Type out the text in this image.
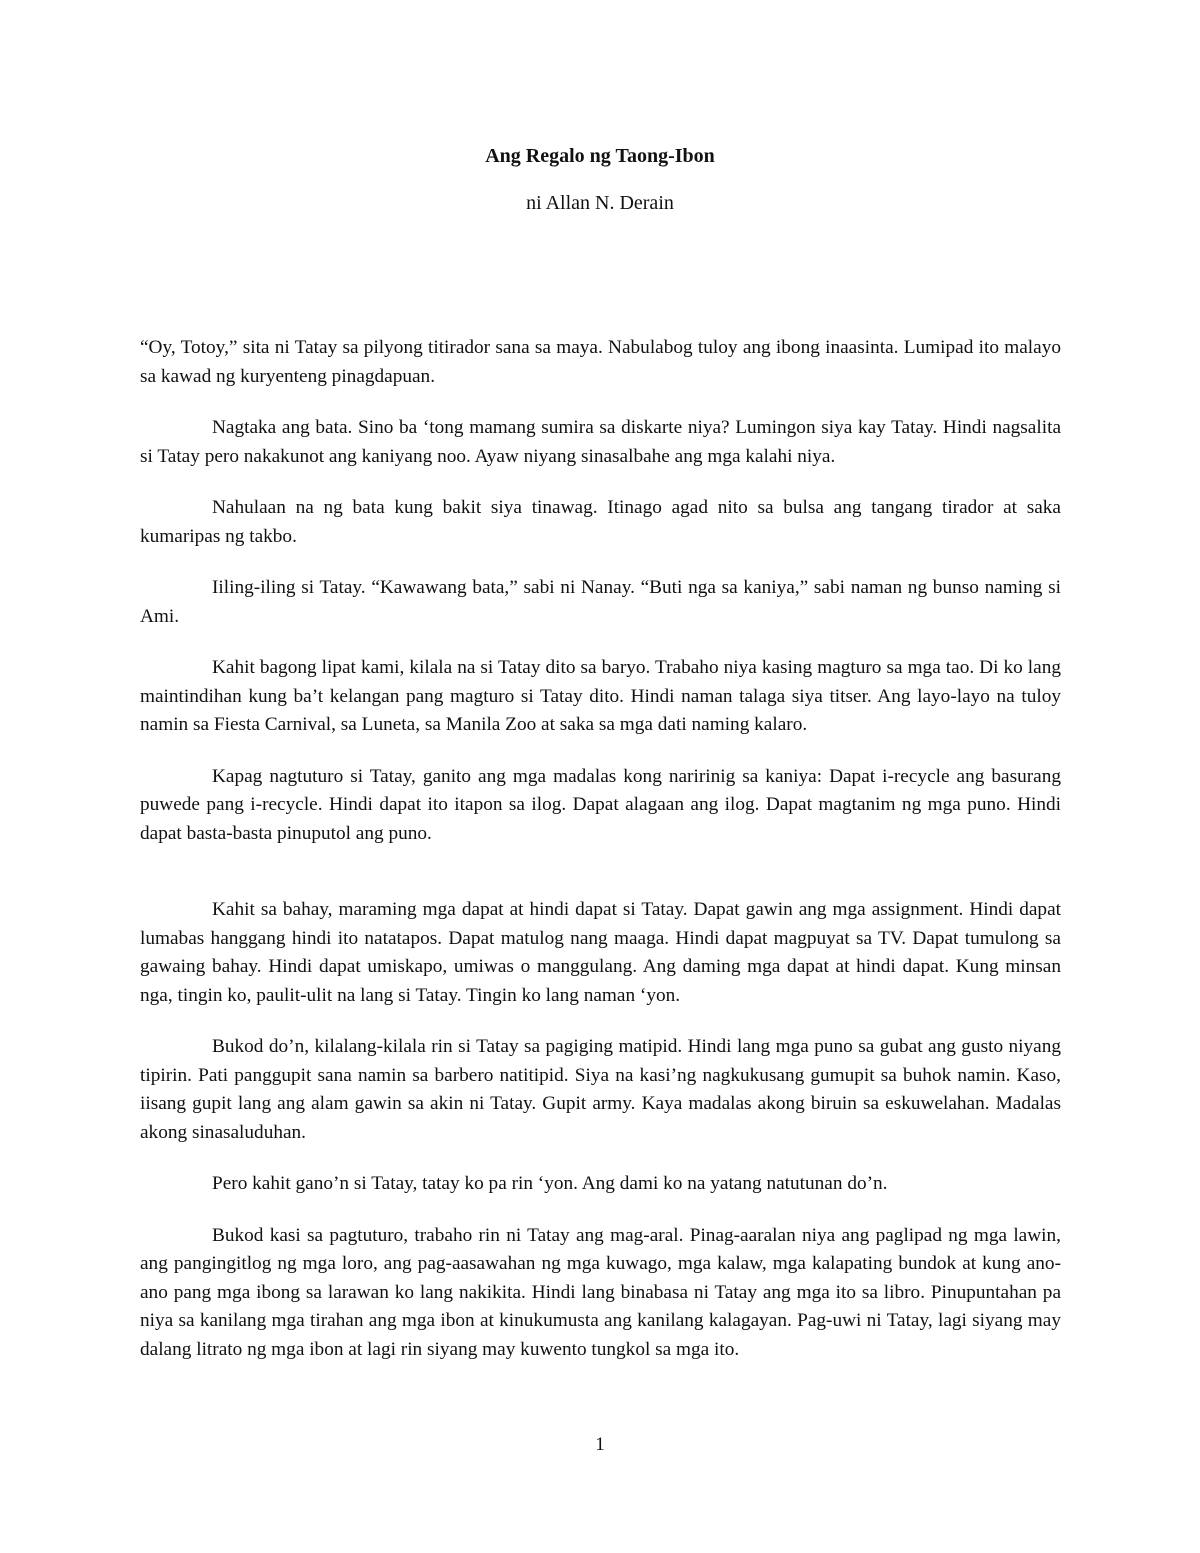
Ang Regalo ng Taong-Ibon
ni Allan N. Derain

“Oy, Totoy,” sita ni Tatay sa pilyong titirador sana sa maya. Nabulabog tuloy ang ibong inaasinta. Lumipad ito malayo sa kawad ng kuryenteng pinagdapuan.

Nagtaka ang bata. Sino ba ‘tong mamang sumira sa diskarte niya? Lumingon siya kay Tatay. Hindi nagsalita si Tatay pero nakakunot ang kaniyang noo. Ayaw niyang sinasalbahe ang mga kalahi niya.

Nahulaan na ng bata kung bakit siya tinawag. Itinago agad nito sa bulsa ang tangang tirador at saka kumaripas ng takbo.

Iiling-iling si Tatay. “Kawawang bata,” sabi ni Nanay. “Buti nga sa kaniya,” sabi naman ng bunso naming si Ami.

Kahit bagong lipat kami, kilala na si Tatay dito sa baryo. Trabaho niya kasing magturo sa mga tao. Di ko lang maintindihan kung ba’t kelangan pang magturo si Tatay dito. Hindi naman talaga siya titser. Ang layo-layo na tuloy namin sa Fiesta Carnival, sa Luneta, sa Manila Zoo at saka sa mga dati naming kalaro.

Kapag nagtuturo si Tatay, ganito ang mga madalas kong naririnig sa kaniya: Dapat i-recycle ang basurang puwede pang i-recycle. Hindi dapat ito itapon sa ilog. Dapat alagaan ang ilog. Dapat magtanim ng mga puno. Hindi dapat basta-basta pinuputol ang puno.

Kahit sa bahay, maraming mga dapat at hindi dapat si Tatay. Dapat gawin ang mga assignment. Hindi dapat lumabas hanggang hindi ito natatapos. Dapat matulog nang maaga. Hindi dapat magpuyat sa TV. Dapat tumulong sa gawaing bahay. Hindi dapat umiskapo, umiwas o manggulang. Ang daming mga dapat at hindi dapat. Kung minsan nga, tingin ko, paulit-ulit na lang si Tatay. Tingin ko lang naman ‘yon.

Bukod do’n, kilalang-kilala rin si Tatay sa pagiging matipid. Hindi lang mga puno sa gubat ang gusto niyang tipirin. Pati panggupit sana namin sa barbero natitipid. Siya na kasi’ng nagkukusang gumupit sa buhok namin. Kaso, iisang gupit lang ang alam gawin sa akin ni Tatay. Gupit army. Kaya madalas akong biruin sa eskuwelahan. Madalas akong sinasaluduhan.

Pero kahit gano’n si Tatay, tatay ko pa rin ‘yon. Ang dami ko na yatang natutunan do’n.

Bukod kasi sa pagtuturo, trabaho rin ni Tatay ang mag-aral. Pinag-aaralan niya ang paglipad ng mga lawin, ang pangingitlog ng mga loro, ang pag-aasawahan ng mga kuwago, mga kalaw, mga kalapating bundok at kung ano-ano pang mga ibong sa larawan ko lang nakikita. Hindi lang binabasa ni Tatay ang mga ito sa libro. Pinupuntahan pa niya sa kanilang mga tirahan ang mga ibon at kinukumusta ang kanilang kalagayan. Pag-uwi ni Tatay, lagi siyang may dalang litrato ng mga ibon at lagi rin siyang may kuwento tungkol sa mga ito.

1
